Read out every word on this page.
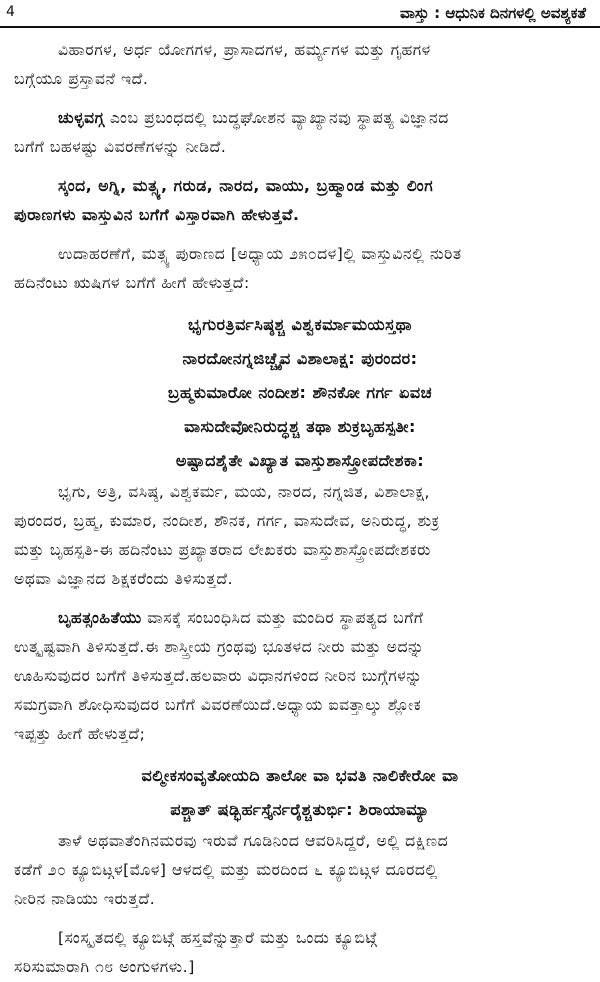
4	ವಾಸ್ತು : ಆಧುನಿಕ ದಿನಗಳಲ್ಲಿ ಅವಶ್ಯಕತೆ

ವಿಹಾರಗಳ, ಅರ್ಧ ಯೋಗಗಳ, ಪ್ರಾಸಾದಗಳ, ಹರ್ಮ್ಯಗಳ ಮತ್ತು ಗೃಹಗಳ
ಬಗ್ಗೆಯೂ ಪ್ರಸ್ತಾವನೆ ಇದೆ.

ಚುಳ್ಳವಗ್ಗ ಎಂಬ ಪ್ರಬಂಧದಲ್ಲಿ ಬುದ್ಧಘೋಶನ ವ್ಯಾಖ್ಯಾನವು ಸ್ಥಾಪತ್ಯ ವಿಜ್ಞಾನದ
ಬಗೆಗೆ ಬಹಳಷ್ಟು ವಿವರಣೆಗಳನ್ನು ನೀಡಿದೆ.

ಸ್ಕಂದ, ಅಗ್ನಿ, ಮತ್ಸ್ಯ, ಗರುಡ, ನಾರದ, ವಾಯು, ಬ್ರಹ್ಮಾಂಡ ಮತ್ತು ಲಿಂಗ
ಪುರಾಣಗಳು ವಾಸ್ತುವಿನ ಬಗೆಗೆ ವಿಸ್ತಾರವಾಗಿ ಹೇಳುತ್ತವೆ.

ಉದಾಹರಣೆಗೆ, ಮತ್ಸ್ಯ ಪುರಾಣದ [ಅಧ್ಯಾಯ ೨೫೦ದಳ]ಲ್ಲಿ ವಾಸ್ತುವಿನಲ್ಲಿ ನುರಿತ
ಹದಿನೆಂಟು ಋಷಿಗಳ ಬಗೆಗೆ ಹೀಗೆ ಹೇಳುತ್ತದೆ:

ಭೃಗುರತ್ರಿರ್ವಸಿಷ್ಠಶ್ಚ ವಿಶ್ವಕರ್ಮಾಮಯಸ್ತಥಾ

ನಾರದೋನಗ್ನಜಿಚ್ಚೈವ ವಿಶಾಲಾಕ್ಷ: ಪುರಂದರ:

ಬ್ರಹ್ಮಕುಮಾರೋ ನಂದೀಶ: ಶೌನಕೋ ಗರ್ಗ ಏವಚ

ವಾಸುದೇವೋನಿರುದ್ಧಶ್ಚ ತಥಾ ಶುಕ್ರಬೃಹಸ್ಪತೀ:

ಅಷ್ಟಾದಶೈತೇ ವಿಖ್ಯಾತ ವಾಸ್ತುಶಾಸ್ತ್ರೋಪದೇಶಕಾ:

ಭೃಗು, ಅತ್ರಿ, ವಸಿಷ್ಠ, ವಿಶ್ವಕರ್ಮ, ಮಯ, ನಾರದ, ನಗ್ನಜಿತ, ವಿಶಾಲಾಕ್ಷ,
ಪುರಂದರ, ಬ್ರಹ್ಮ, ಕುಮಾರ, ನಂದೀಶ, ಶೌನಕ, ಗರ್ಗ, ವಾಸುದೇವ, ಅನಿರುದ್ಧ, ಶುಕ್ರ
ಮತ್ತು ಬೃಹಸ್ಪತಿ-ಈ ಹದಿನೆಂಟು ಪ್ರಖ್ಯಾತರಾದ ಲೇಖಕರು ವಾಸ್ತುಶಾಸ್ತ್ರೋಪದೇಶಕರು
ಅಥವಾ ವಿಜ್ಞಾನದ ಶಿಕ್ಷಕರೆಂದು ತಿಳಿಸುತ್ತದೆ.

ಬೃಹತ್ಸಂಹಿತೆಯು ವಾಸಕ್ಕೆ ಸಂಬಂಧಿಸಿದ ಮತ್ತು ಮಂದಿರ ಸ್ಥಾಪತ್ಯದ ಬಗೆಗೆ
ಉತ್ಕೃಷ್ಟವಾಗಿ ತಿಳಿಸುತ್ತದೆ.ಈ ಶಾಸ್ತ್ರೀಯ ಗ್ರಂಥವು ಭೂತಳದ ನೀರು ಮತ್ತು ಅದನ್ನು
ಊಹಿಸುವುದರ ಬಗೆಗೆ ತಿಳಿಸುತ್ತದೆ.ಹಲವಾರು ವಿಧಾನಗಳಿಂದ ನೀರಿನ ಬುಗ್ಗೆಗಳನ್ನು
ಸಮಗ್ರವಾಗಿ ಶೋಧಿಸುವುದರ ಬಗೆಗೆ ವಿವರಣೆಯಿದೆ.ಅಧ್ಯಾಯ ಐವತ್ತಾಲ್ಕು ಶ್ಲೋಕ
ಇಪ್ಪತ್ತು ಹೀಗೆ ಹೇಳುತ್ತದೆ;

ವಲ್ಮೀಕಸಂವೃತೋಯದಿ ತಾಲೋ ವಾ ಭವತಿ ನಾಲಿಕೇರೋ ವಾ

ಪಶ್ಚಾತ್ ಷಡ್ಭಿರ್ಹಸ್ತೈರ್ನರೈಶ್ಚತುರ್ಭಿ: ಶಿರಾಯಾಮ್ಯಾ

ತಾಳೆ ಅಥವಾತೆಂಗಿನಮರವು ಇರುವೆ ಗೂಡಿನಿಂದ ಆವರಿಸಿದ್ದರೆ, ಅಲ್ಲಿ ದಕ್ಷಿಣದ
ಕಡೆಗೆ ೨೦ ಕ್ಯೂಬಿಟ್ಗಳ[ಮೊಳ] ಆಳದಲ್ಲಿ ಮತ್ತು ಮರದಿಂದ ೬ ಕ್ಯೂಬಿಟ್ಗಳ ದೂರದಲ್ಲಿ
ನೀರಿನ ನಾಡಿಯು ಇರುತ್ತದೆ.

[ಸಂಸ್ಕೃತದಲ್ಲಿ ಕ್ಯೂಬಿಟ್ಗೆ ಹಸ್ತವೆನ್ನುತ್ತಾರೆ ಮತ್ತು ಒಂದು ಕ್ಯೂಬಿಟ್ಗೆ
ಸರಿಸುಮಾರಾಗಿ ೧೮ ಅಂಗುಳಗಳು.]
